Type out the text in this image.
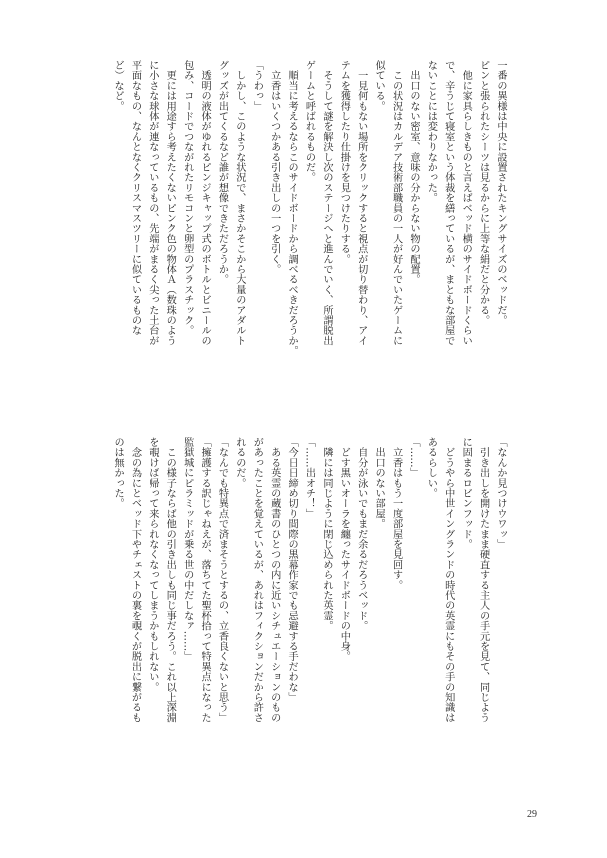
一番の異様は中央に設置されたキングサイズのベッドだ。
ピンと張られたシーツは見るからに上等な絹だと分かる。
　他に家具らしきものと言えばベッド横のサイドボードくらい
で、辛うじて寝室という体裁を繕っているが、まともな部屋で
ないことには変わりなかった。
　出口のない密室、意味の分からない物の配置。
　この状況はカルデア技術部職員の一人が好んでいたゲームに
似ている。
　一見何もない場所をクリックすると視点が切り替わり、アイ
テムを獲得したり仕掛けを見つけたりする。
　そうして謎を解決し次のステージへと進んでいく、所謂脱出
ゲームと呼ばれるものだ。
　順当に考えるならこのサイドボードから調べるべきだろうか。
　立香はいくつかある引き出しの一つを引く。
「うわっ」
　しかし、このような状況で、まさかそこから大量のアダルト
グッズが出てくるなど誰が想像できただろうか。
　透明の液体がゆれるピンジキャップ式のボトルとビニールの
包み、コードでつながれたリモコンと卵型のプラスチック。
　更には用途すら考えたくないピンク色の物体Ａ（数珠のよう
に小さな球体が連なっているもの、先端がまるく尖った土台が
平面なもの、なんとなくクリスマスツリーに似ているものな
ど）など。
「なんか見つけウワッ」
　引き出しを開けたまま硬直する主人の手元を見て、同じよう
に固まるロビンフッド。
　どうやら中世イングランドの時代の英霊にもその手の知識は
あるらしい。
「……」
　立香はもう一度部屋を見回す。
　出口のない部屋。
　自分が泳いでもまだ余るだろうベッド。
　どす黒いオーラを纏ったサイドボードの中身。
　隣には同じように閉じ込められた英霊。
「……出オチ！」
「今日日締め切り間際の黒幕作家でも忌避する手だわな」
　ある英霊の蔵書のひとつの内に近いシチュエーションのもの
があったことを覚えているが、あれはフィクションだから許さ
れるのだ。
「なんでも特異点で済まそうとするの、立香良くないと思う」
「擁護する訳じゃねえが、落ちてた聖杯拾って特異点になった
監獄城にピラミッドが乗る世の中だしなァ……」
　この様子ならば他の引き出しも同じ事だろう。これ以上深淵
を覗けば帰って来られなくなってしまうかもしれない。
　念の為にとベッド下やチェストの裏を覗くが脱出に繋がるも
のは無かった。
29
